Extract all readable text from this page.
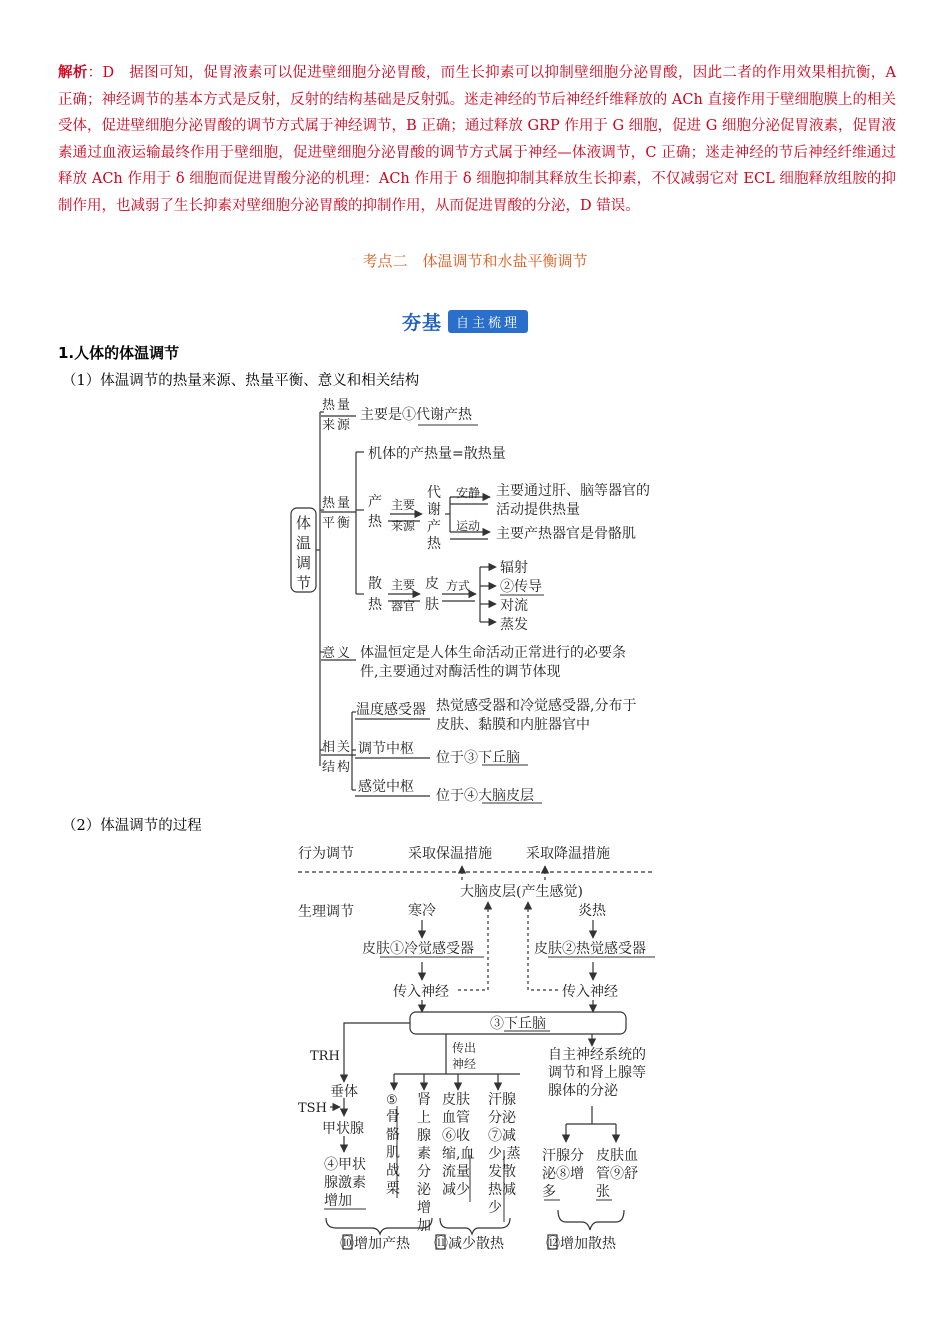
解析：D　据图可知，促胃液素可以促进壁细胞分泌胃酸，而生长抑素可以抑制壁细胞分泌胃酸，因此二者的作用效果相抗衡，A 正确；神经调节的基本方式是反射，反射的结构基础是反射弧。迷走神经的节后神经纤维释放的 ACh 直接作用于壁细胞膜上的相关受体，促进壁细胞分泌胃酸的调节方式属于神经调节，B 正确；通过释放 GRP 作用于 G 细胞，促进 G 细胞分泌促胃液素，促胃液素通过血液运输最终作用于壁细胞，促进壁细胞分泌胃酸的调节方式属于神经—体液调节，C 正确；迷走神经的节后神经纤维通过释放 ACh 作用于 δ 细胞而促进胃酸分泌的机理：ACh 作用于 δ 细胞抑制其释放生长抑素，不仅减弱它对 ECL 细胞释放组胺的抑制作用，也减弱了生长抑素对壁细胞分泌胃酸的抑制作用，从而促进胃酸的分泌，D 错误。
考点二　体温调节和水盐平衡调节
夯基	自主梳理
1.人体的体温调节
（1）体温调节的热量来源、热量平衡、意义和相关结构
（2）体温调节的过程
体
温
调
节
热量
来源
主要是①代谢产热
热量
平衡
机体的产热量=散热量
产
热
主要
来源
代
谢
产
热
安静 主要通过肝、脑等器官的
活动提供热量
运动 主要产热器官是骨骼肌
散
热
主要
器官
皮
肤
方式
辐射
②传导
对流
蒸发
意义 体温恒定是人体生命活动正常进行的必要条
件,主要通过对酶活性的调节体现
相关
结构
温度感受器 热觉感受器和冷觉感受器,分布于
皮肤、黏膜和内脏器官中
调节中枢
位于③下丘脑
感觉中枢
位于④大脑皮层
行为调节	采取保温措施 采取降温措施
大脑皮层(产生感觉)
生理调节	寒冷	炎热
皮肤①冷觉感受器	皮肤②热觉感受器
传入神经	传入神经
③下丘脑
传出
神经
TRH
垂体
TSH
甲状腺
④甲状
腺激素
增加
⑤
骨
骼
肌
战
栗
肾
上
腺
素
分
泌
增
加
皮肤
血管
⑥收
缩,血
流量
减少
汗腺
分泌
⑦减
少,蒸
发散
热减
少
自主神经系统的
调节和肾上腺等
腺体的分泌
汗腺分
泌⑧增
多
皮肤血
管⑨舒
张
⑩增加产热 ⑪减少散热	⑫增加散热
